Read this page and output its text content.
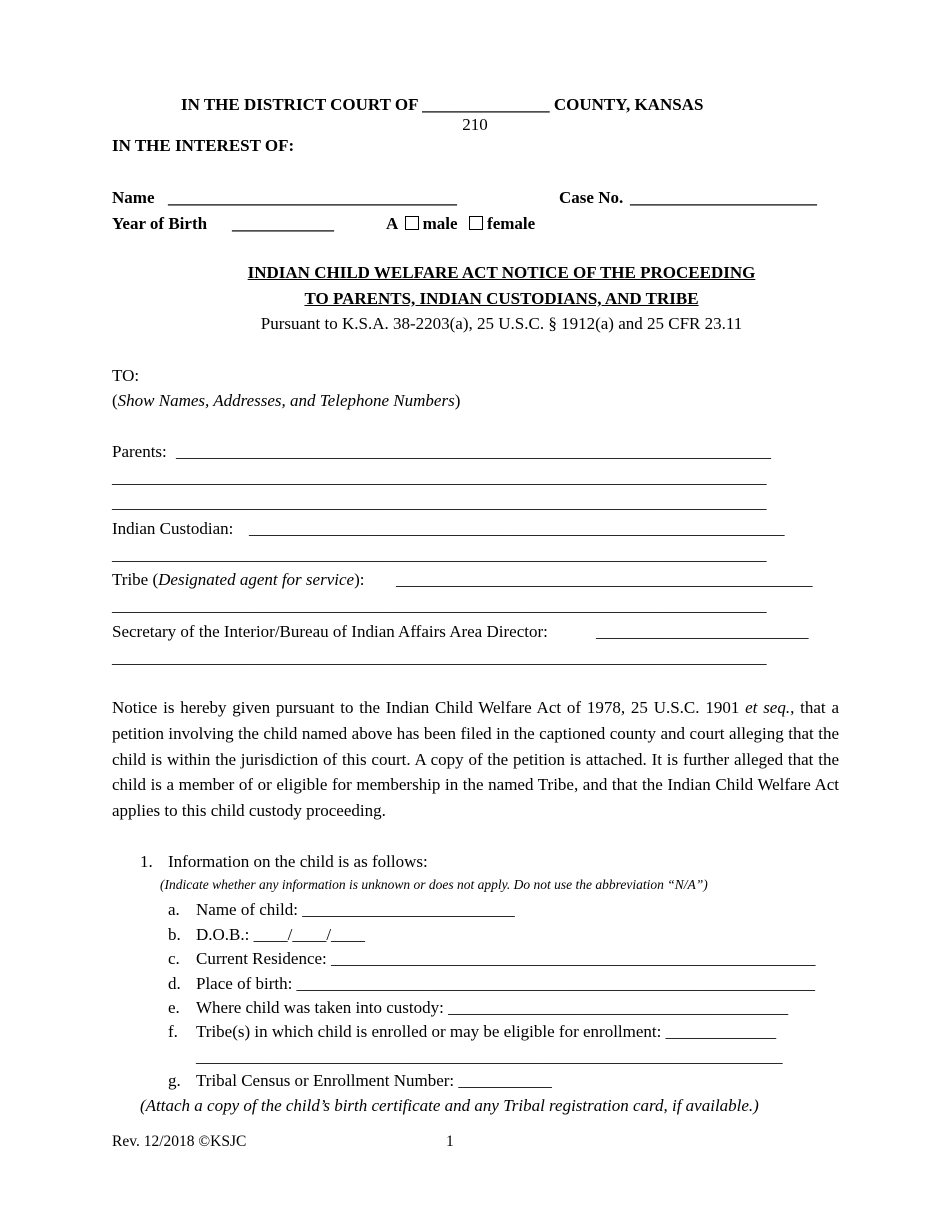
210

IN THE DISTRICT COURT OF _______________ COUNTY, KANSAS
IN THE INTEREST OF:
Name __________________________________	Case No. ______________________
Year of Birth ____________	A male female
INDIAN CHILD WELFARE ACT NOTICE OF THE PROCEEDING
TO PARENTS, INDIAN CUSTODIANS, AND TRIBE
Pursuant to K.S.A. 38-2203(a), 25 U.S.C. § 1912(a) and 25 CFR 23.11
TO:
(Show Names, Addresses, and Telephone Numbers)
Parents: ______________________________________________________________________
_____________________________________________________________________________
_____________________________________________________________________________
Indian Custodian: _______________________________________________________________
_____________________________________________________________________________
Tribe (Designated agent for service): _________________________________________________
_____________________________________________________________________________
Secretary of the Interior/Bureau of Indian Affairs Area Director:	_________________________
_____________________________________________________________________________
Notice is hereby given pursuant to the Indian Child Welfare Act of 1978, 25 U.S.C. 1901 et seq., that a petition involving the child named above has been filed in the captioned county and court alleging that the child is within the jurisdiction of this court. A copy of the petition is attached. It is further alleged that the child is a member of or eligible for membership in the named Tribe, and that the Indian Child Welfare Act applies to this child custody proceeding.
1. Information on the child is as follows:
(Indicate whether any information is unknown or does not apply. Do not use the abbreviation “N/A”)
a. Name of child: _________________________
b. D.O.B.: ____/____/____
c. Current Residence: _________________________________________________________
d. Place of birth: _____________________________________________________________
e. Where child was taken into custody: ________________________________________
f. Tribe(s) in which child is enrolled or may be eligible for enrollment: _____________
_____________________________________________________________________
g. Tribal Census or Enrollment Number: ___________
(Attach a copy of the child’s birth certificate and any Tribal registration card, if available.)
Rev. 12/2018 ©KSJC	1
